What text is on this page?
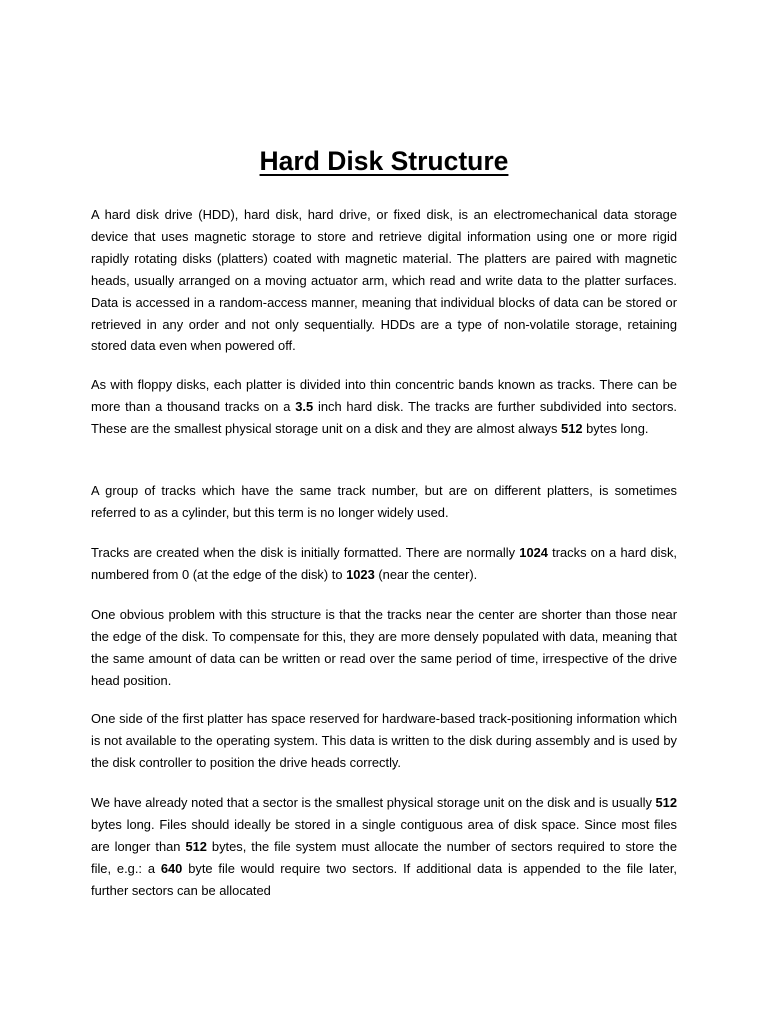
Hard Disk Structure

A hard disk drive (HDD), hard disk, hard drive, or fixed disk, is an electromechanical data storage device that uses magnetic storage to store and retrieve digital information using one or more rigid rapidly rotating disks (platters) coated with magnetic material. The platters are paired with magnetic heads, usually arranged on a moving actuator arm, which read and write data to the platter surfaces. Data is accessed in a random-access manner, meaning that individual blocks of data can be stored or retrieved in any order and not only sequentially. HDDs are a type of non-volatile storage, retaining stored data even when powered off.

As with floppy disks, each platter is divided into thin concentric bands known as tracks. There can be more than a thousand tracks on a 3.5 inch hard disk. The tracks are further subdivided into sectors. These are the smallest physical storage unit on a disk and they are almost always 512 bytes long.

A group of tracks which have the same track number, but are on different platters, is sometimes referred to as a cylinder, but this term is no longer widely used.

Tracks are created when the disk is initially formatted. There are normally 1024 tracks on a hard disk, numbered from 0 (at the edge of the disk) to 1023 (near the center).

One obvious problem with this structure is that the tracks near the center are shorter than those near the edge of the disk. To compensate for this, they are more densely populated with data, meaning that the same amount of data can be written or read over the same period of time, irrespective of the drive head position.

One side of the first platter has space reserved for hardware-based track-positioning information which is not available to the operating system. This data is written to the disk during assembly and is used by the disk controller to position the drive heads correctly.

We have already noted that a sector is the smallest physical storage unit on the disk and is usually 512 bytes long. Files should ideally be stored in a single contiguous area of disk space. Since most files are longer than 512 bytes, the file system must allocate the number of sectors required to store the file, e.g.: a 640 byte file would require two sectors. If additional data is appended to the file later, further sectors can be allocated
